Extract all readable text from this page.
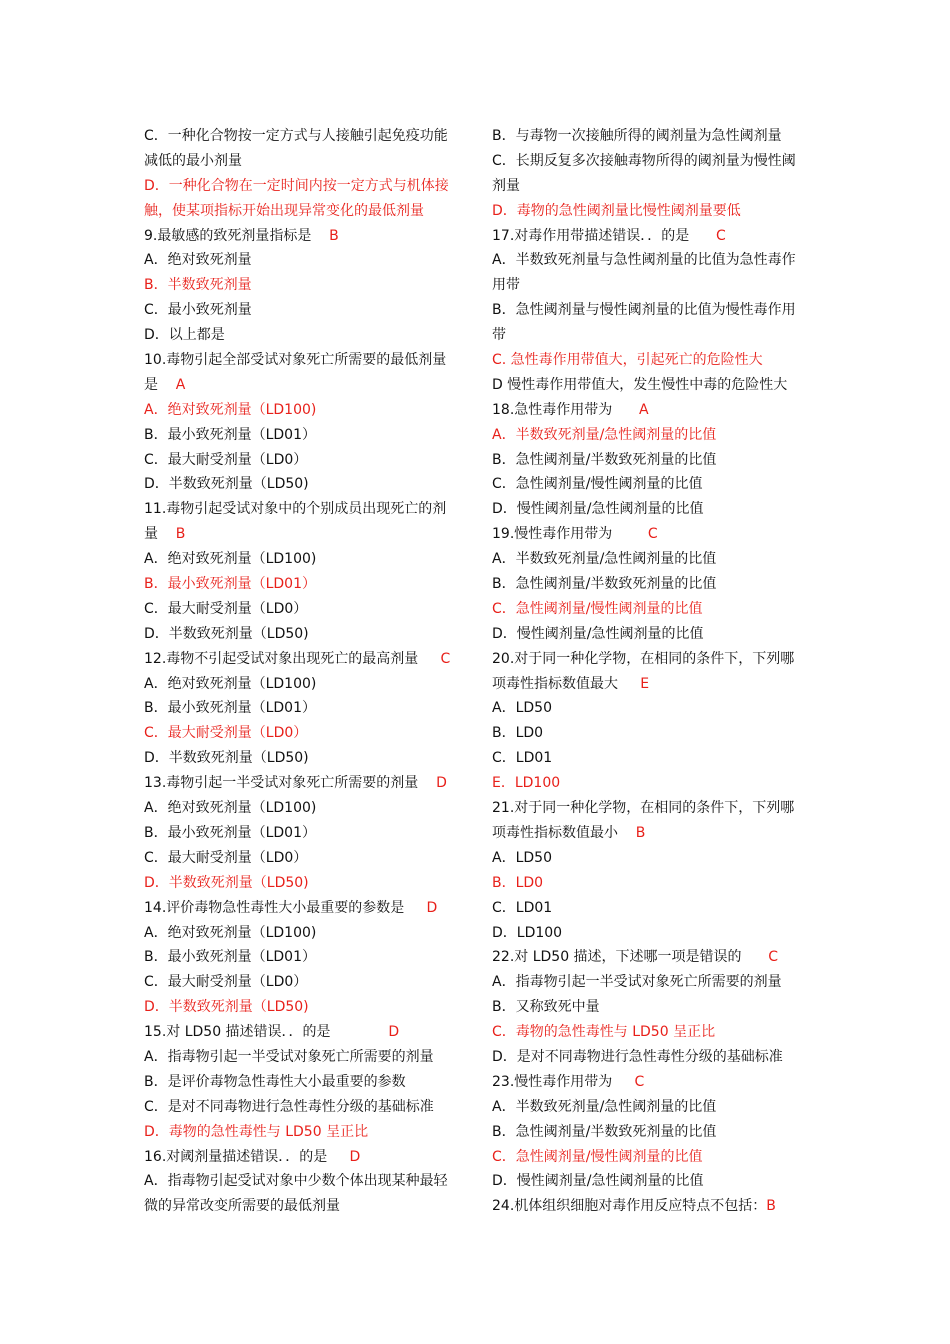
C．一种化合物按一定方式与人接触引起免疫功能
减低的最小剂量
D．一种化合物在一定时间内按一定方式与机体接
触，使某项指标开始出现异常变化的最低剂量
9.最敏感的致死剂量指标是    B
A．绝对致死剂量
B．半数致死剂量
C．最小致死剂量
D．以上都是
10.毒物引起全部受试对象死亡所需要的最低剂量
是    A
A．绝对致死剂量（LD100)
B．最小致死剂量（LD01）
C．最大耐受剂量（LD0）
D．半数致死剂量（LD50)
11.毒物引起受试对象中的个别成员出现死亡的剂
量    B
A．绝对致死剂量（LD100)
B．最小致死剂量（LD01）
C．最大耐受剂量（LD0）
D．半数致死剂量（LD50)
12.毒物不引起受试对象出现死亡的最高剂量     C
A．绝对致死剂量（LD100)
B．最小致死剂量（LD01）
C．最大耐受剂量（LD0）
D．半数致死剂量（LD50)
13.毒物引起一半受试对象死亡所需要的剂量    D
A．绝对致死剂量（LD100)
B．最小致死剂量（LD01）
C．最大耐受剂量（LD0）
D．半数致死剂量（LD50)
14.评价毒物急性毒性大小最重要的参数是     D
A．绝对致死剂量（LD100)
B．最小致死剂量（LD01）
C．最大耐受剂量（LD0）
D．半数致死剂量（LD50)
15.对 LD50 描述错误．．的是             D
A．指毒物引起一半受试对象死亡所需要的剂量
B．是评价毒物急性毒性大小最重要的参数
C．是对不同毒物进行急性毒性分级的基础标准
D．毒物的急性毒性与 LD50 呈正比
16.对阈剂量描述错误．．的是     D
A．指毒物引起受试对象中少数个体出现某种最轻
微的异常改变所需要的最低剂量
B．与毒物一次接触所得的阈剂量为急性阈剂量
C．长期反复多次接触毒物所得的阈剂量为慢性阈
剂量
D．毒物的急性阈剂量比慢性阈剂量要低
17.对毒作用带描述错误．．的是      C
A．半数致死剂量与急性阈剂量的比值为急性毒作
用带
B．急性阈剂量与慢性阈剂量的比值为慢性毒作用
带
C. 急性毒作用带值大，引起死亡的危险性大
D 慢性毒作用带值大，发生慢性中毒的危险性大
18.急性毒作用带为      A
A．半数致死剂量/急性阈剂量的比值
B．急性阈剂量/半数致死剂量的比值
C．急性阈剂量/慢性阈剂量的比值
D．慢性阈剂量/急性阈剂量的比值
19.慢性毒作用带为        C
A．半数致死剂量/急性阈剂量的比值
B．急性阈剂量/半数致死剂量的比值
C．急性阈剂量/慢性阈剂量的比值
D．慢性阈剂量/急性阈剂量的比值
20.对于同一种化学物，在相同的条件下，下列哪
项毒性指标数值最大     E
A．LD50
B．LD0
C．LD01
E．LD100
21.对于同一种化学物，在相同的条件下，下列哪
项毒性指标数值最小    B
A．LD50
B．LD0
C．LD01
D．LD100
22.对 LD50 描述，下述哪一项是错误的      C
A．指毒物引起一半受试对象死亡所需要的剂量
B．又称致死中量
C．毒物的急性毒性与 LD50 呈正比
D．是对不同毒物进行急性毒性分级的基础标准
23.慢性毒作用带为     C
A．半数致死剂量/急性阈剂量的比值
B．急性阈剂量/半数致死剂量的比值
C．急性阈剂量/慢性阈剂量的比值
D．慢性阈剂量/急性阈剂量的比值
24.机体组织细胞对毒作用反应特点不包括：B
